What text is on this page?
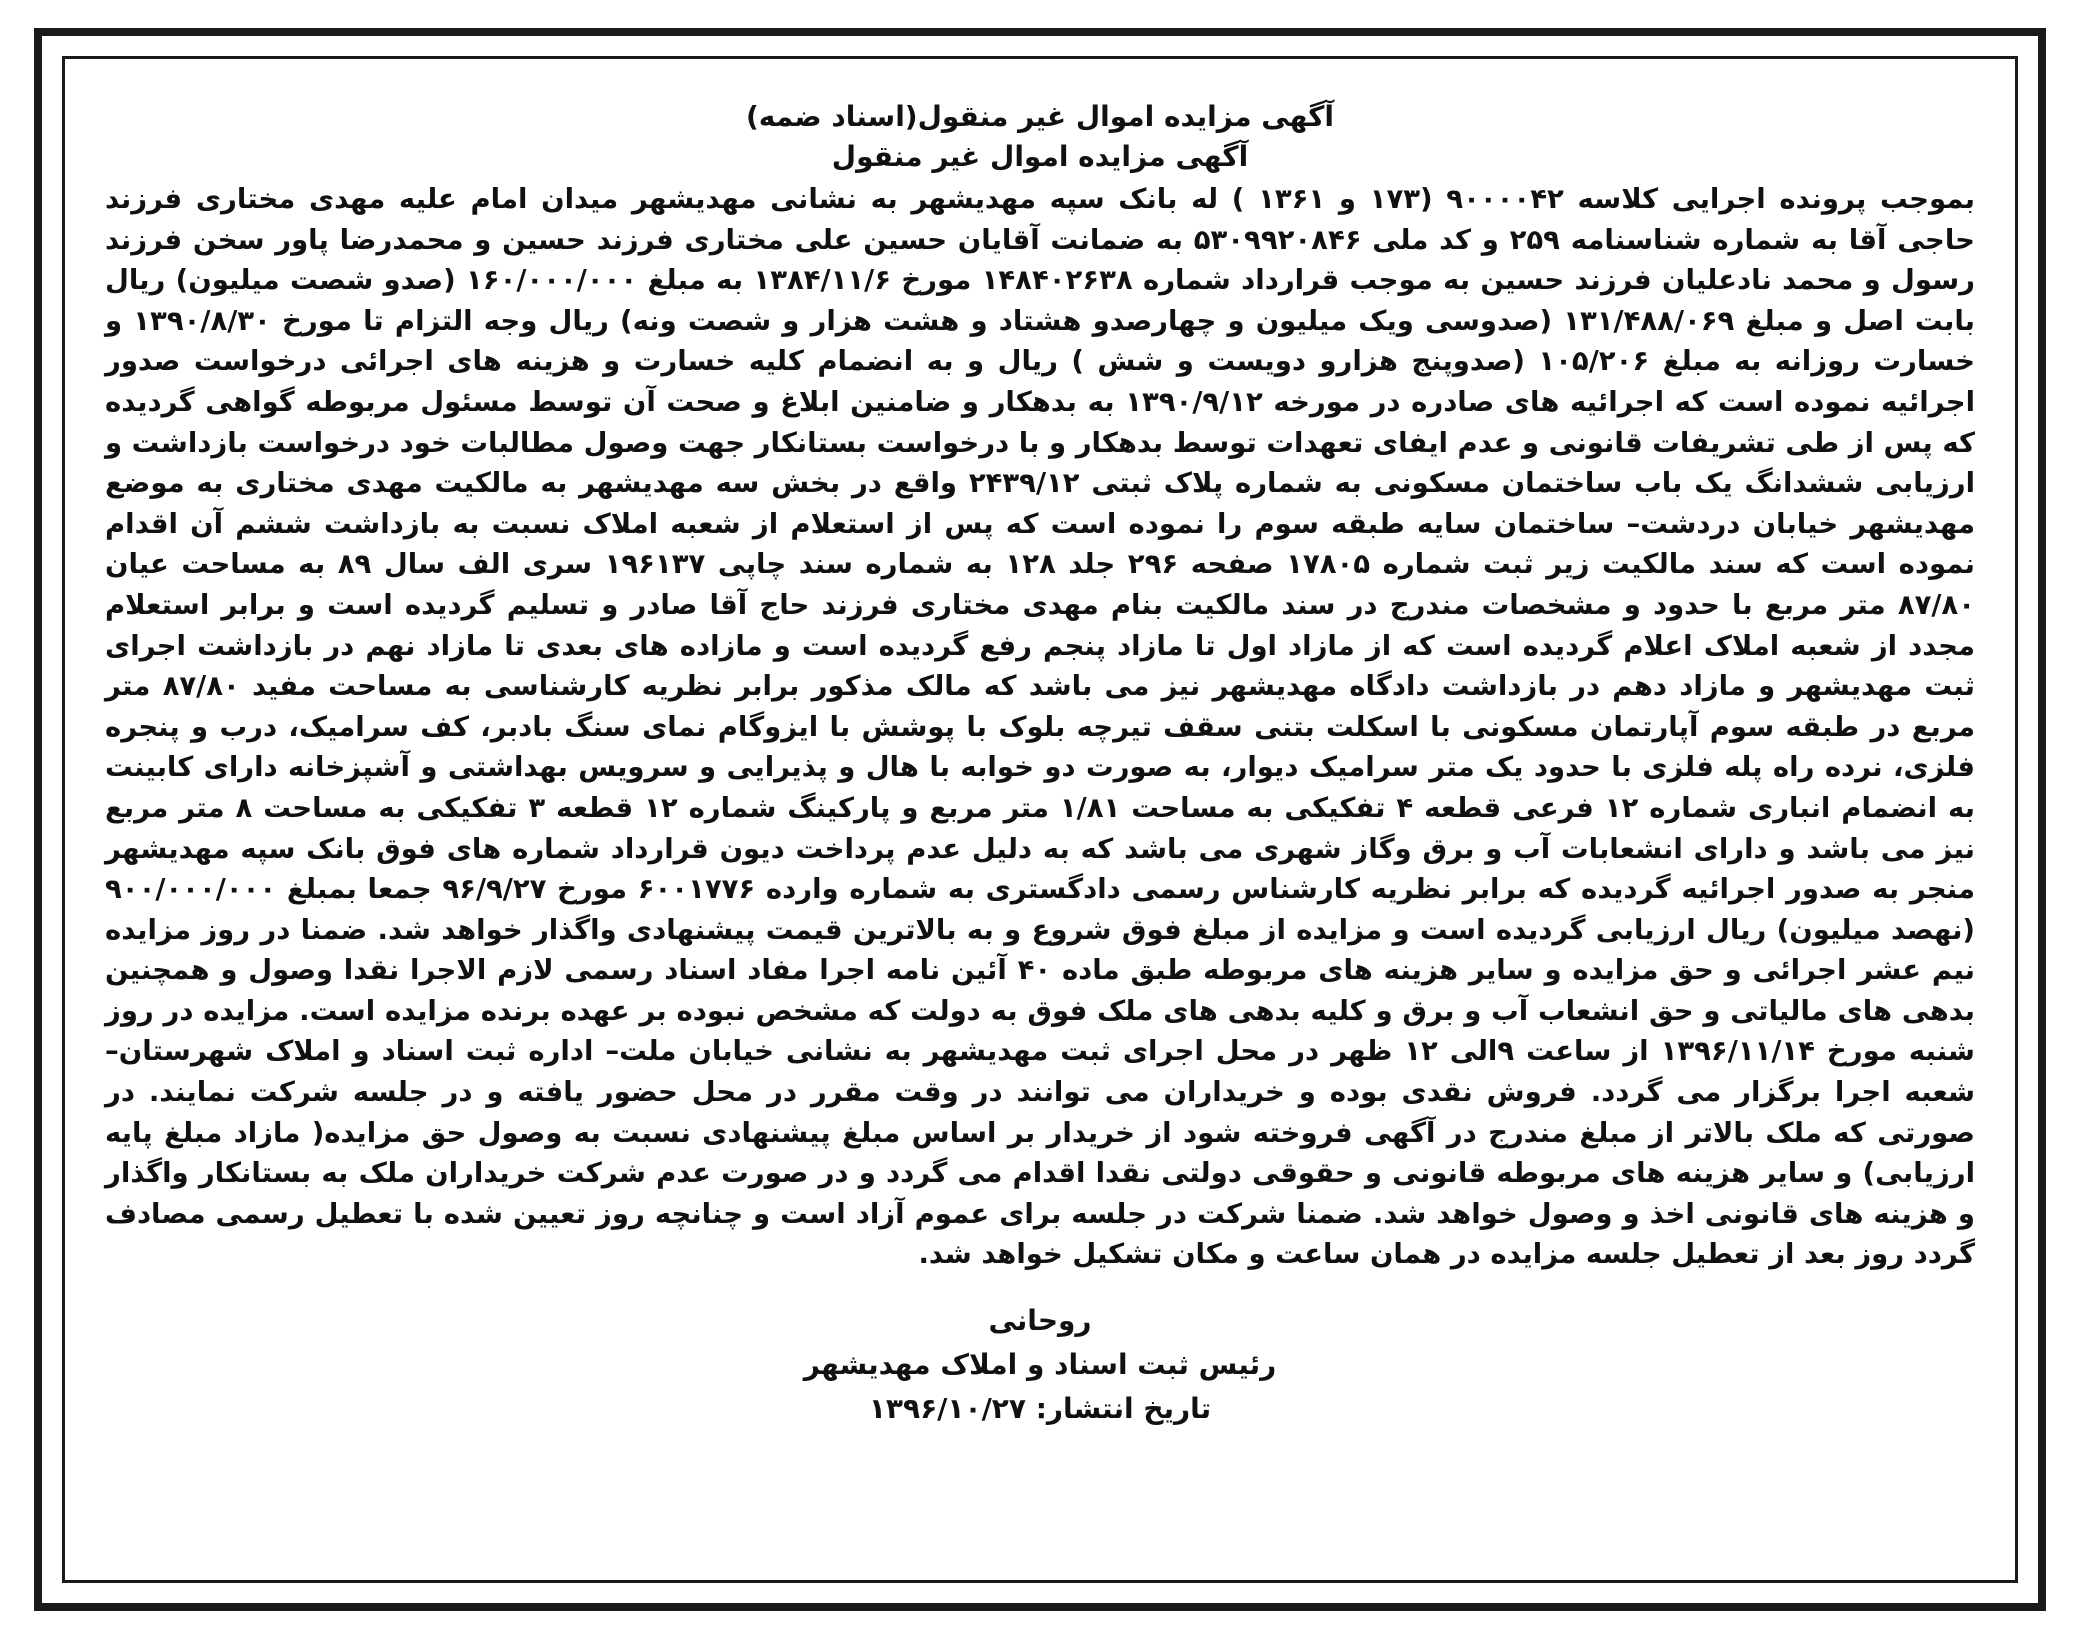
آگهی مزایده اموال غیر منقول(اسناد ضمه)

آگهی مزایده اموال غیر منقول

بموجب پرونده اجرایی کلاسه ۹۰۰۰۰۴۲ (۱۷۳ و ۱۳۶۱ ) له بانک سپه مهدیشهر به نشانی مهدیشهر میدان امام علیه مهدی مختاری فرزند حاجی آقا به شماره شناسنامه ۲۵۹ و کد ملی ۵۳۰۹۹۲۰۸۴۶ به ضمانت آقایان حسین علی مختاری فرزند حسین و محمدرضا پاور سخن فرزند رسول و محمد نادعلیان فرزند حسین به موجب قرارداد شماره ۱۴۸۴۰۲۶۳۸ مورخ ۱۳۸۴/۱۱/۶ به مبلغ ۱۶۰/۰۰۰/۰۰۰ (صدو شصت میلیون) ریال بابت اصل و مبلغ ۱۳۱/۴۸۸/۰۶۹ (صدوسی ویک میلیون و چهارصدو هشتاد و هشت هزار و شصت ونه) ریال وجه التزام تا مورخ ۱۳۹۰/۸/۳۰ و خسارت روزانه به مبلغ ۱۰۵/۲۰۶ (صدوپنج هزارو دویست و شش ) ریال و به انضمام کلیه خسارت و هزینه های اجرائی درخواست صدور اجرائیه نموده است که اجرائیه های صادره در مورخه ۱۳۹۰/۹/۱۲ به بدهکار و ضامنین ابلاغ و صحت آن توسط مسئول مربوطه گواهی گردیده که پس از طی تشریفات قانونی و عدم ایفای تعهدات توسط بدهکار و با درخواست بستانکار جهت وصول مطالبات خود درخواست بازداشت و ارزیابی ششدانگ یک باب ساختمان مسکونی به شماره پلاک ثبتی ۲۴۳۹/۱۲ واقع در بخش سه مهدیشهر به مالکیت مهدی مختاری به موضع مهدیشهر خیابان دردشت– ساختمان سایه طبقه سوم را نموده است که پس از استعلام از شعبه املاک نسبت به بازداشت ششم آن اقدام نموده است که سند مالکیت زیر ثبت شماره ۱۷۸۰۵ صفحه ۲۹۶ جلد ۱۲۸ به شماره سند چاپی ۱۹۶۱۳۷ سری الف سال ۸۹ به مساحت عیان ۸۷/۸۰ متر مربع با حدود و مشخصات مندرج در سند مالکیت بنام مهدی مختاری فرزند حاج آقا صادر و تسلیم گردیده است و برابر استعلام مجدد از شعبه املاک اعلام گردیده است که از مازاد اول تا مازاد پنجم رفع گردیده است و مازاده های بعدی تا مازاد نهم در بازداشت اجرای ثبت مهدیشهر و مازاد دهم در بازداشت دادگاه مهدیشهر نیز می باشد که مالک مذکور برابر نظریه کارشناسی به مساحت مفید ۸۷/۸۰ متر مربع در طبقه سوم آپارتمان مسکونی با اسکلت بتنی سقف تیرچه بلوک با پوشش با ایزوگام نمای سنگ بادبر، کف سرامیک، درب و پنجره فلزی، نرده راه پله فلزی با حدود یک متر سرامیک دیوار، به صورت دو خوابه با هال و پذیرایی و سرویس بهداشتی و آشپزخانه دارای کابینت به انضمام انباری شماره ۱۲ فرعی قطعه ۴ تفکیکی به مساحت ۱/۸۱ متر مربع و پارکینگ شماره ۱۲ قطعه ۳ تفکیکی به مساحت ۸ متر مربع نیز می باشد و دارای انشعابات آب و برق وگاز شهری می باشد که به دلیل عدم پرداخت دیون قرارداد شماره های فوق بانک سپه مهدیشهر منجر به صدور اجرائیه گردیده که برابر نظریه کارشناس رسمی دادگستری به شماره وارده ۶۰۰۱۷۷۶ مورخ ۹۶/۹/۲۷ جمعا بمبلغ ۹۰۰/۰۰۰/۰۰۰ (نهصد میلیون) ریال ارزیابی گردیده است و مزایده از مبلغ فوق شروع و به بالاترین قیمت پیشنهادی واگذار خواهد شد. ضمنا در روز مزایده نیم عشر اجرائی و حق مزایده و سایر هزینه های مربوطه طبق ماده ۴۰ آئین نامه اجرا مفاد اسناد رسمی لازم الاجرا نقدا وصول و همچنین بدهی های مالیاتی و حق انشعاب آب و برق و کلیه بدهی های ملک فوق به دولت که مشخص نبوده بر عهده برنده مزایده است. مزایده در روز شنبه مورخ ۱۳۹۶/۱۱/۱۴ از ساعت ۹الی ۱۲ ظهر در محل اجرای ثبت مهدیشهر به نشانی خیابان ملت– اداره ثبت اسناد و املاک شهرستان– شعبه اجرا برگزار می گردد. فروش نقدی بوده و خریداران می توانند در وقت مقرر در محل حضور یافته و در جلسه شرکت نمایند. در صورتی که ملک بالاتر از مبلغ مندرج در آگهی فروخته شود از خریدار بر اساس مبلغ پیشنهادی نسبت به وصول حق مزایده( مازاد مبلغ پایه ارزیابی) و سایر هزینه های مربوطه قانونی و حقوقی دولتی نقدا اقدام می گردد و در صورت عدم شرکت خریداران ملک به بستانکار واگذار و هزینه های قانونی اخذ و وصول خواهد شد. ضمنا شرکت در جلسه برای عموم آزاد است و چنانچه روز تعیین شده با تعطیل رسمی مصادف گردد روز بعد از تعطیل جلسه مزایده در همان ساعت و مکان تشکیل خواهد شد.

روحانی

رئیس ثبت اسناد و املاک مهدیشهر

تاریخ انتشار: ۱۳۹۶/۱۰/۲۷
